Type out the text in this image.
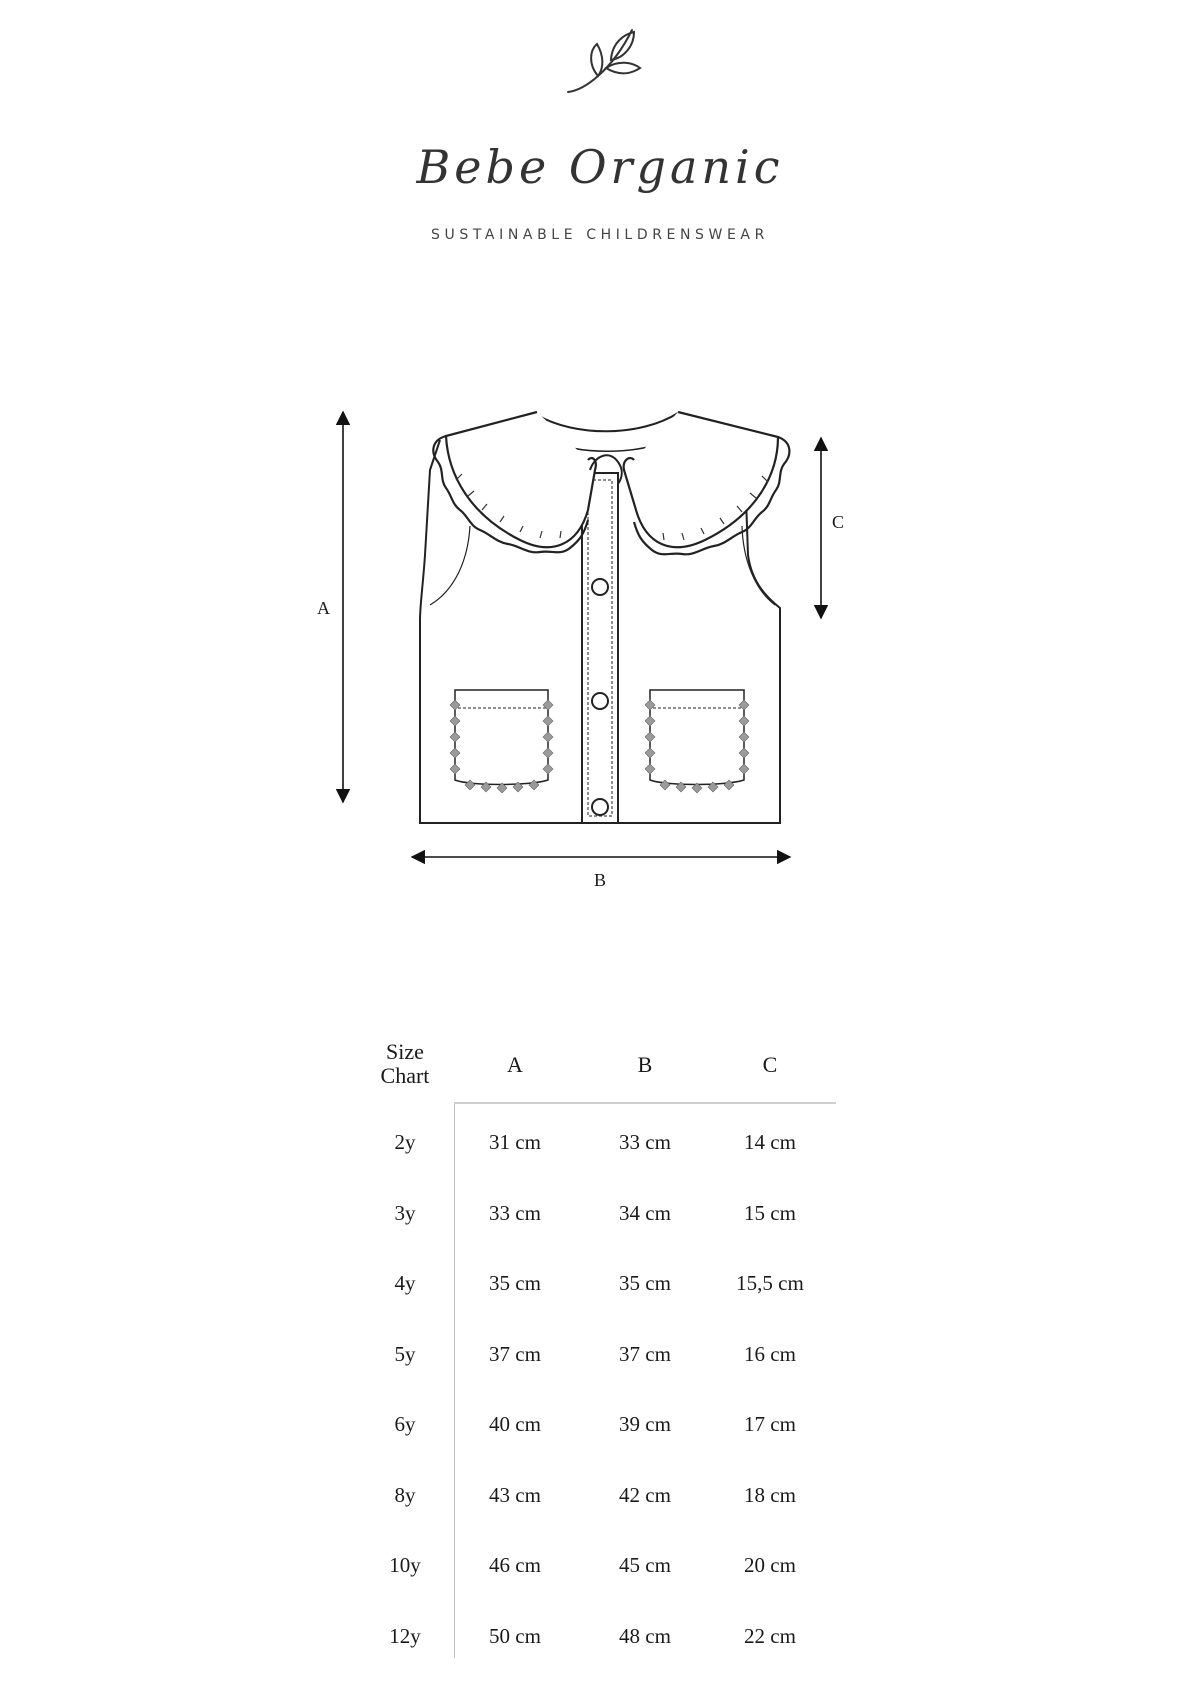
Bebe Organic
SUSTAINABLE CHILDRENSWEAR
A
B
C
Size
Chart	A	B	C
2y	31 cm	33 cm	14 cm
3y	33 cm	34 cm	15 cm
4y	35 cm	35 cm	15,5 cm
5y	37 cm	37 cm	16 cm
6y	40 cm	39 cm	17 cm
8y	43 cm	42 cm	18 cm
10y	46 cm	45 cm	20 cm
12y	50 cm	48 cm	22 cm
